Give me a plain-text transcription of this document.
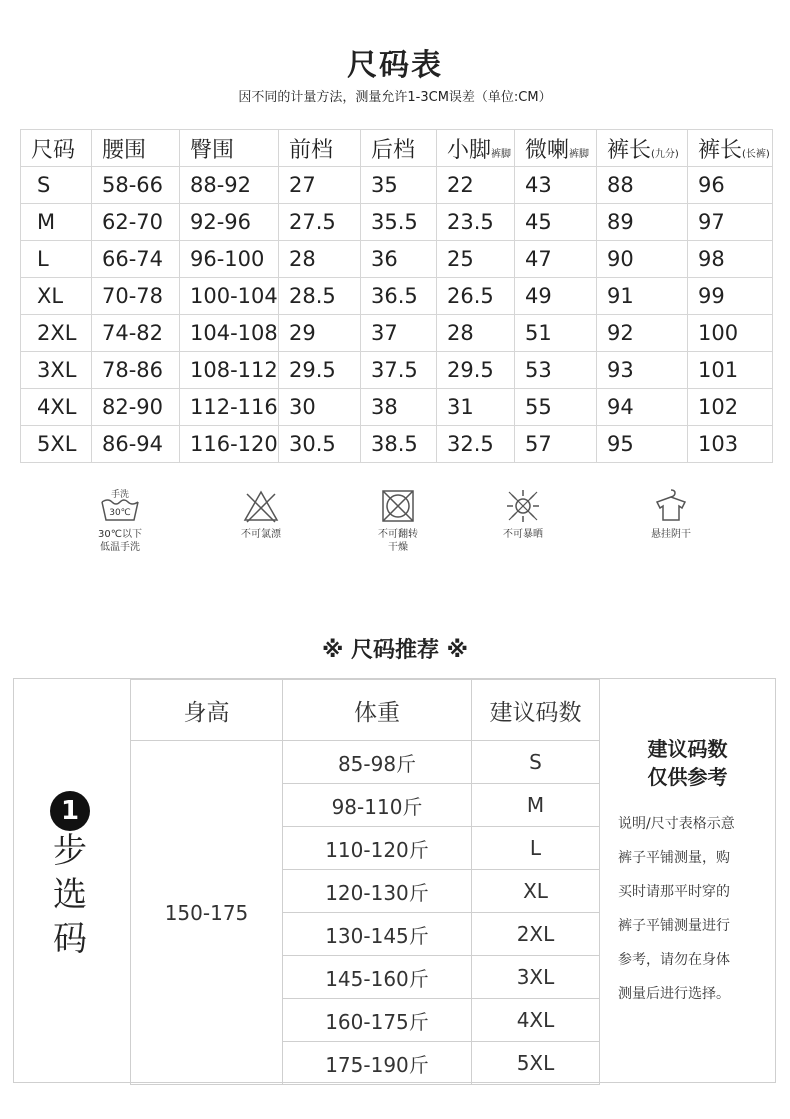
尺码表
因不同的计量方法，测量允许1-3CM误差（单位:CM）
尺码	腰围	臀围	前档	后档	小脚裤脚	微喇裤脚	裤长(九分)	裤长(长裤)
S	58-66	88-92	27	35	22	43	88	96
M	62-70	92-96	27.5	35.5	23.5	45	89	97
L	66-74	96-100	28	36	25	47	90	98
XL	70-78	100-104	28.5	36.5	26.5	49	91	99
2XL	74-82	104-108	29	37	28	51	92	100
3XL	78-86	108-112	29.5	37.5	29.5	53	93	101
4XL	82-90	112-116	30	38	31	55	94	102
5XL	86-94	116-120	30.5	38.5	32.5	57	95	103
手洗
30℃
30℃以下
低温手洗
不可氯漂	不可翻转
干燥
不可暴晒	悬挂阴干
※ 尺码推荐 ※
1
步
选
码
身高	体重	建议码数
150-175	85-98斤	S
	98-110斤	M
	110-120斤	L
	120-130斤	XL
	130-145斤	2XL
	145-160斤	3XL
	160-175斤	4XL
	175-190斤	5XL
建议码数
仅供参考
说明/尺寸表格示意
裤子平铺测量，购
买时请那平时穿的
裤子平铺测量进行
参考，请勿在身体
测量后进行选择。
